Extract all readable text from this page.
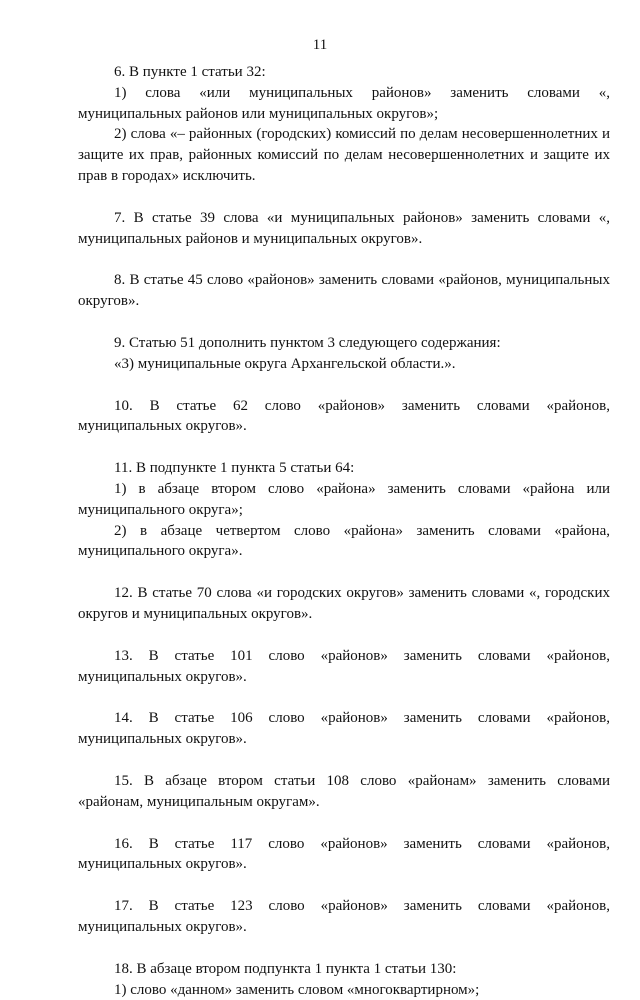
11

6. В пункте 1 статьи 32:

1) слова «или муниципальных районов» заменить словами «, муниципальных районов или муниципальных округов»;

2) слова «– районных (городских) комиссий по делам несовершеннолетних и защите их прав, районных комиссий по делам несовершеннолетних и защите их прав в городах» исключить.

7. В статье 39 слова «и муниципальных районов» заменить словами «, муниципальных районов и муниципальных округов».

8. В статье 45 слово «районов» заменить словами «районов, муниципальных округов».

9. Статью 51 дополнить пунктом 3 следующего содержания:

«3) муниципальные округа Архангельской области.».

10. В статье 62 слово «районов» заменить словами «районов, муниципальных округов».

11. В подпункте 1 пункта 5 статьи 64:

1) в абзаце втором слово «района» заменить словами «района или муниципального округа»;

2) в абзаце четвертом слово «района» заменить словами «района, муниципального округа».

12. В статье 70 слова «и городских округов» заменить словами «, городских округов и муниципальных округов».

13. В статье 101 слово «районов» заменить словами «районов, муниципальных округов».

14. В статье 106 слово «районов» заменить словами «районов, муниципальных округов».

15. В абзаце втором статьи 108 слово «районам» заменить словами «районам, муниципальным округам».

16. В статье 117 слово «районов» заменить словами «районов, муниципальных округов».

17. В статье 123 слово «районов» заменить словами «районов, муниципальных округов».

18. В абзаце втором подпункта 1 пункта 1 статьи 130:

1) слово «данном» заменить словом «многоквартирном»;
